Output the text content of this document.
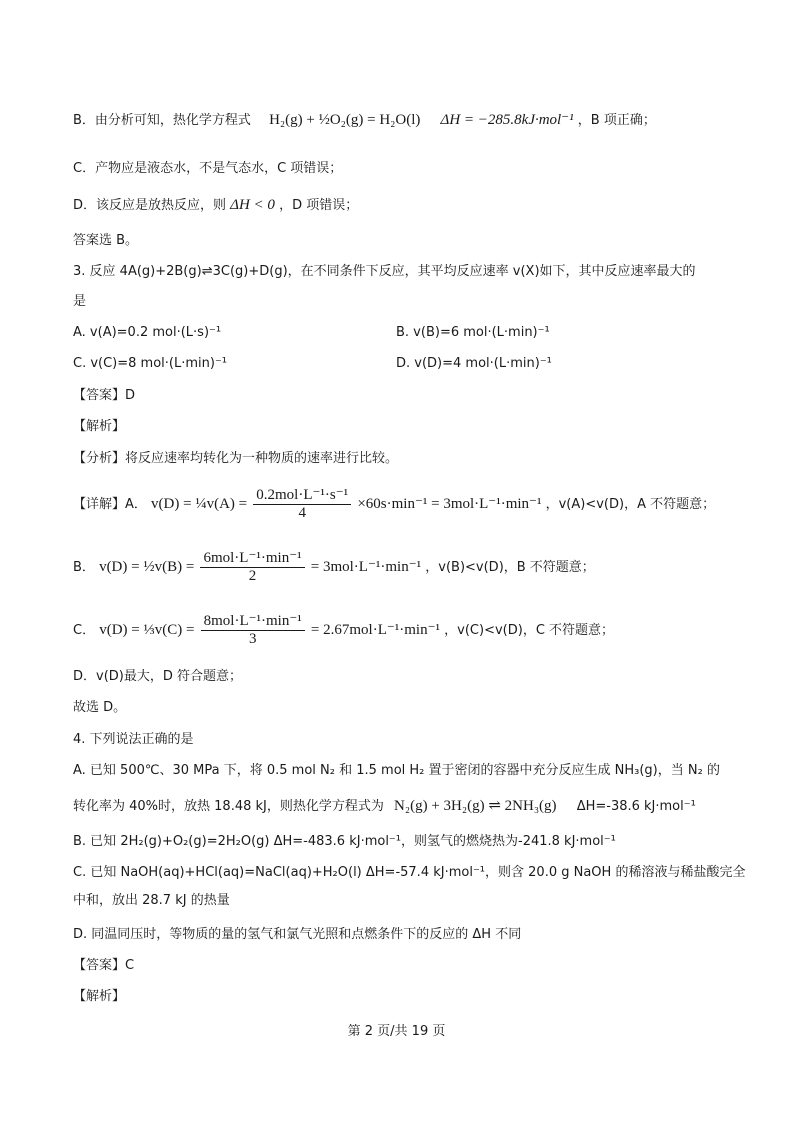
B．由分析可知，热化学方程式 H₂(g) + ½O₂(g) = H₂O(l) ΔH = −285.8kJ·mol⁻¹ ，B 项正确；
C．产物应是液态水，不是气态水，C 项错误；
D．该反应是放热反应，则 ΔH < 0 ，D 项错误；
答案选 B。
3. 反应 4A(g)+2B(g)⇌3C(g)+D(g)，在不同条件下反应，其平均反应速率 v(X)如下，其中反应速率最大的
是
A. v(A)=0.2 mol·(L·s)⁻¹	B. v(B)=6 mol·(L·min)⁻¹
C. v(C)=8 mol·(L·min)⁻¹	D. v(D)=4 mol·(L·min)⁻¹
【答案】D
【解析】
【分析】将反应速率均转化为一种物质的速率进行比较。
【详解】A． v(D) = ¼v(A) = $\frac{\text{0.2mol·L⁻¹·s⁻¹}}{4} \times 60s\cdot\min^{-1} = 3mol\cdot L^{-1}\cdot\min^{-1}$ ，v(A)<v(D)，A 不符题意；
B． v(D) = ½v(B) = $\frac{\text{6mol·L⁻¹·min⁻¹}}{2} = 3mol\cdot L^{-1}\cdot\min^{-1}$ ，v(B)<v(D)，B 不符题意；
C． v(D) = ⅓v(C) = $\frac{\text{8mol·L⁻¹·min⁻¹}}{3} = 2.67mol\cdot L^{-1}\cdot\min^{-1}$ ，v(C)<v(D)，C 不符题意；
D．v(D)最大，D 符合题意；
故选 D。
4. 下列说法正确的是
A. 已知 500℃、30 MPa 下，将 0.5 mol N₂ 和 1.5 mol H₂ 置于密闭的容器中充分反应生成 NH₃(g)，当 N₂ 的
转化率为 40%时，放热 18.48 kJ，则热化学方程式为 N₂(g) + 3H₂(g) ⇌ 2NH₃(g) ΔH=-38.6 kJ·mol⁻¹
B. 已知 2H₂(g)+O₂(g)=2H₂O(g) ΔH=-483.6 kJ·mol⁻¹，则氢气的燃烧热为-241.8 kJ·mol⁻¹
C. 已知 NaOH(aq)+HCl(aq)=NaCl(aq)+H₂O(l) ΔH=-57.4 kJ·mol⁻¹，则含 20.0 g NaOH 的稀溶液与稀盐酸完全
中和，放出 28.7 kJ 的热量
D. 同温同压时，等物质的量的氢气和氯气光照和点燃条件下的反应的 ΔH 不同
【答案】C
【解析】
第 2 页/共 19 页
